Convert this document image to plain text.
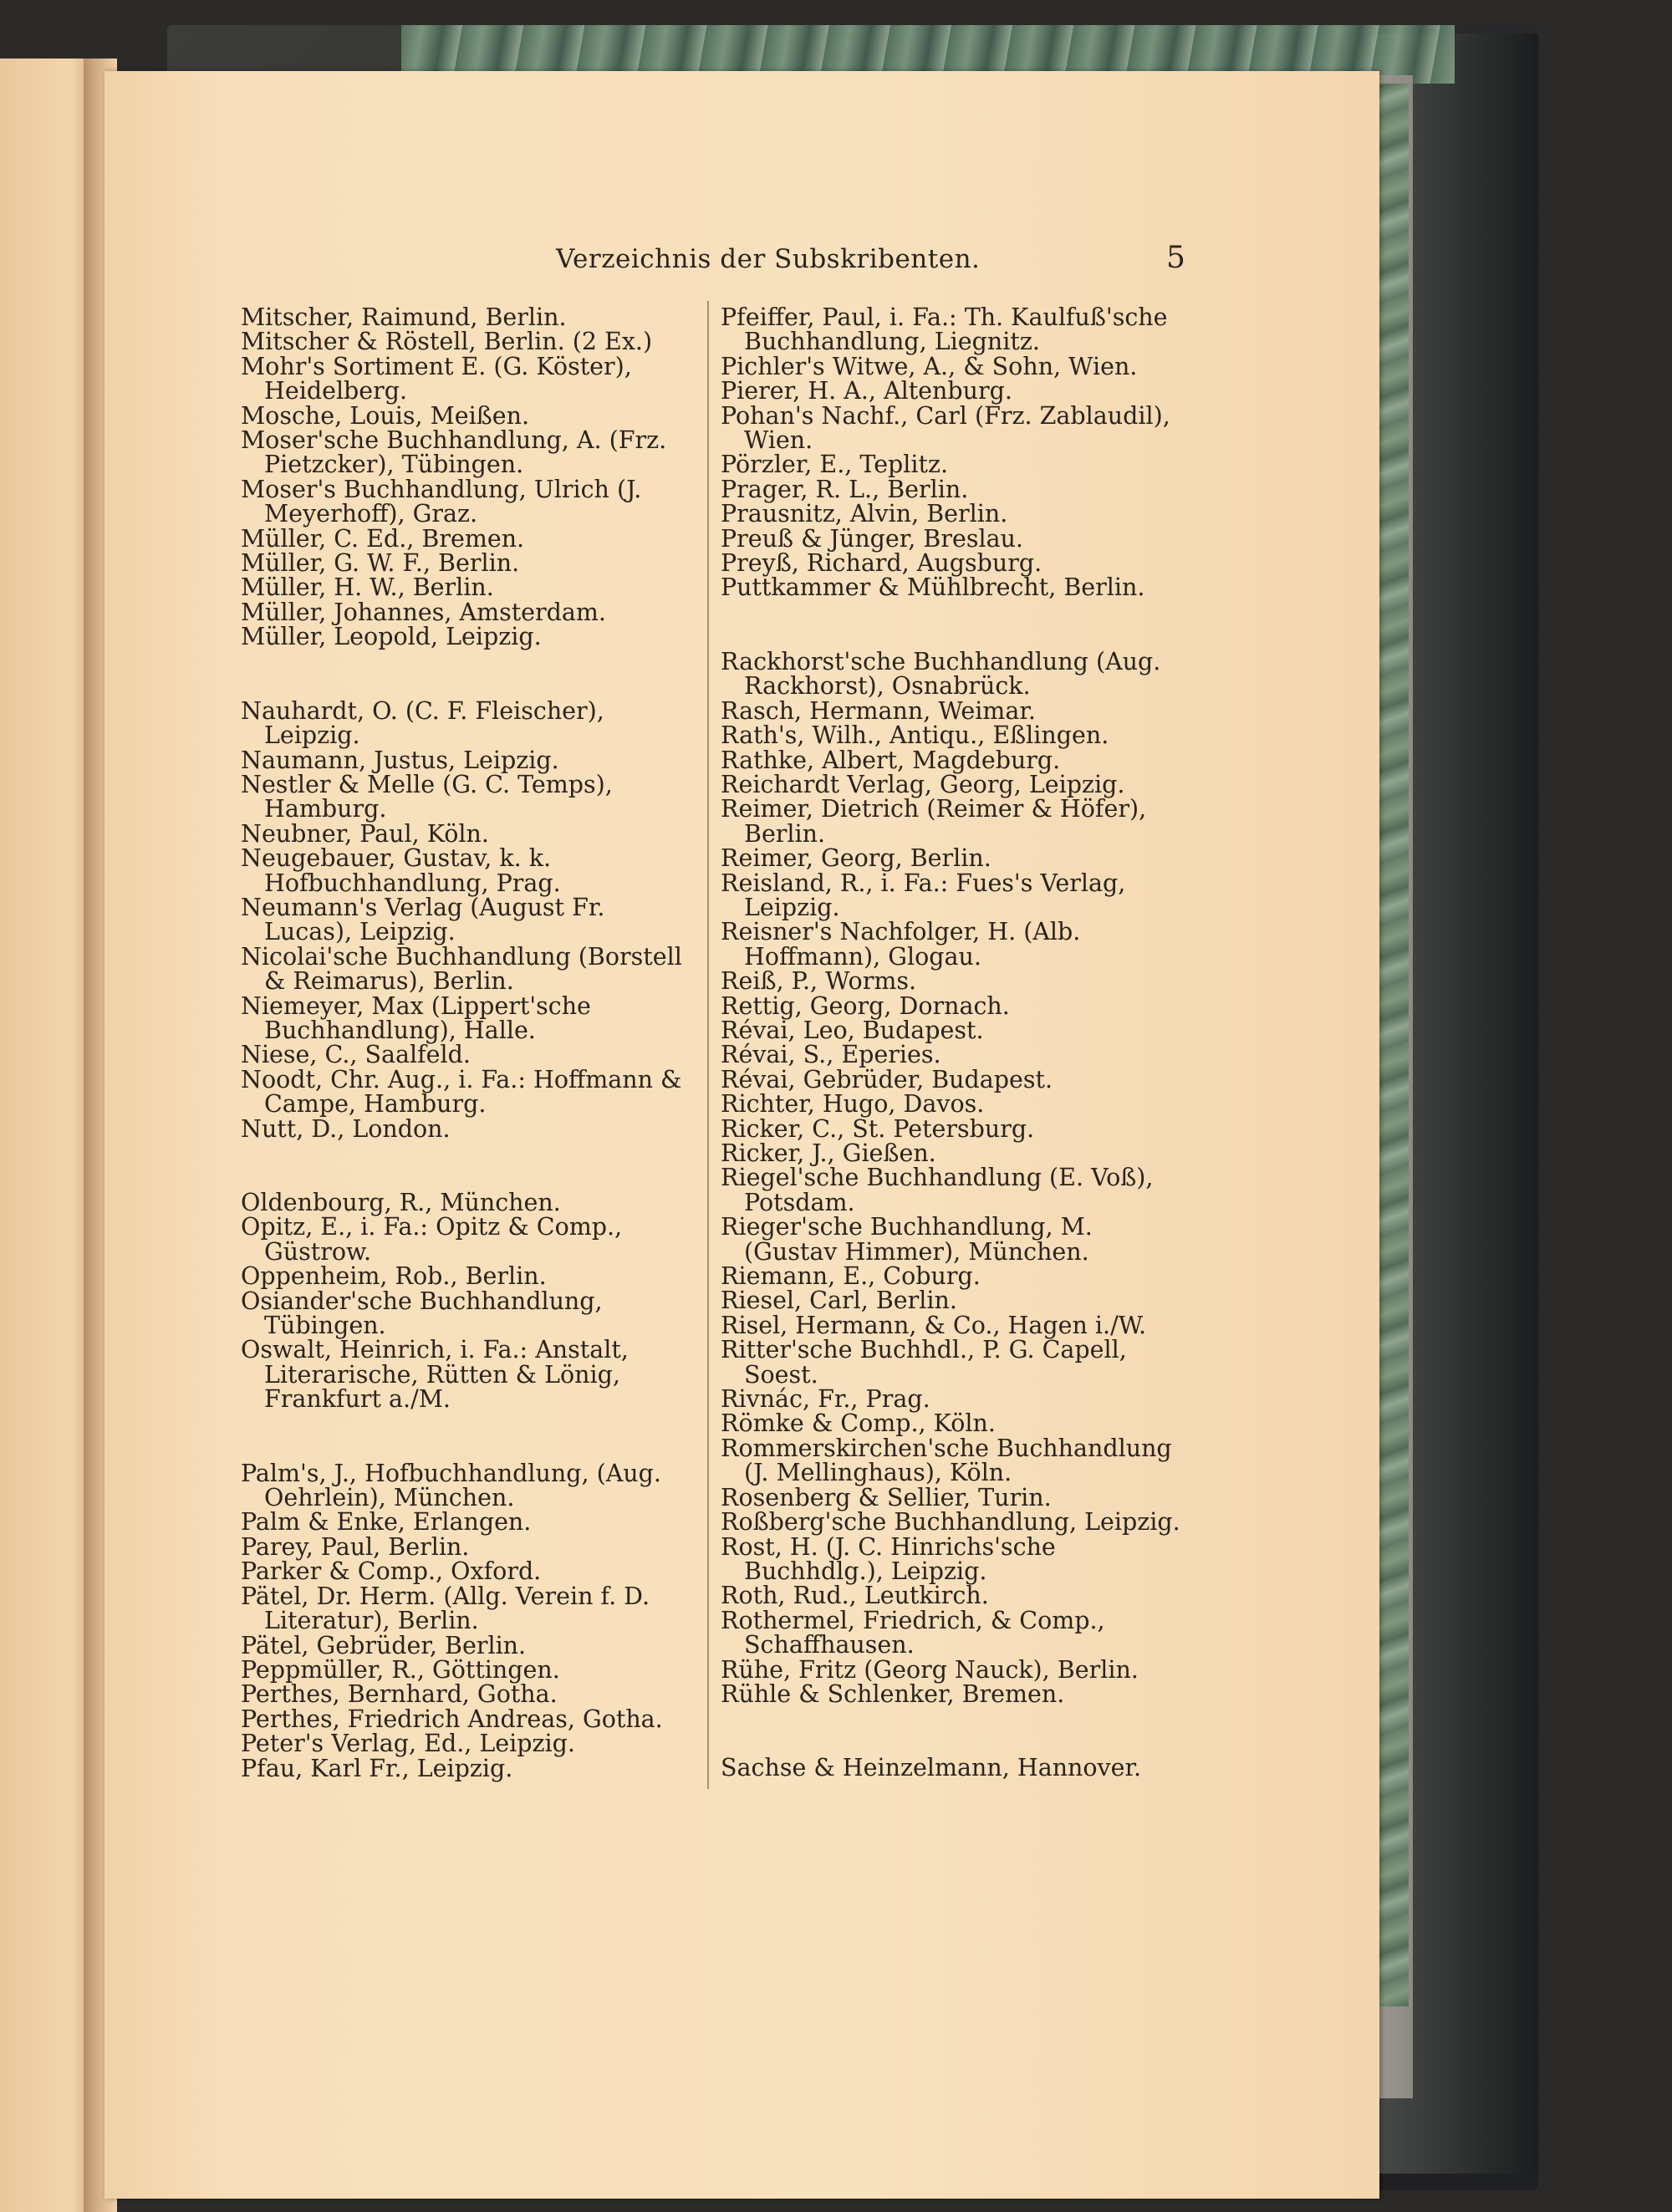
Verzeichnis der Subskribenten.	5

Mitscher, Raimund, Berlin.

Mitscher & Röstell, Berlin. (2 Ex.)

Mohr's Sortiment E. (G. Köster), Heidelberg.

Mosche, Louis, Meißen.

Moser'sche Buchhandlung, A. (Frz. Pietzcker), Tübingen.

Moser's Buchhandlung, Ulrich (J. Meyerhoff), Graz.

Müller, C. Ed., Bremen.

Müller, G. W. F., Berlin.

Müller, H. W., Berlin.

Müller, Johannes, Amsterdam.

Müller, Leopold, Leipzig.

Nauhardt, O. (C. F. Fleischer), Leipzig.

Naumann, Justus, Leipzig.

Nestler & Melle (G. C. Temps), Hamburg.

Neubner, Paul, Köln.

Neugebauer, Gustav, k. k. Hofbuchhandlung, Prag.

Neumann's Verlag (August Fr. Lucas), Leipzig.

Nicolai'sche Buchhandlung (Borstell & Reimarus), Berlin.

Niemeyer, Max (Lippert'sche Buchhandlung), Halle.

Niese, C., Saalfeld.

Noodt, Chr. Aug., i. Fa.: Hoffmann & Campe, Hamburg.

Nutt, D., London.

Oldenbourg, R., München.

Opitz, E., i. Fa.: Opitz & Comp., Güstrow.

Oppenheim, Rob., Berlin.

Osiander'sche Buchhandlung, Tübingen.

Oswalt, Heinrich, i. Fa.: Anstalt, Literarische, Rütten & Lönig, Frankfurt a./M.

Palm's, J., Hofbuchhandlung, (Aug. Oehrlein), München.

Palm & Enke, Erlangen.

Parey, Paul, Berlin.

Parker & Comp., Oxford.

Pätel, Dr. Herm. (Allg. Verein f. D. Literatur), Berlin.

Pätel, Gebrüder, Berlin.

Peppmüller, R., Göttingen.

Perthes, Bernhard, Gotha.

Perthes, Friedrich Andreas, Gotha.

Peter's Verlag, Ed., Leipzig.

Pfau, Karl Fr., Leipzig.

Pfeiffer, Paul, i. Fa.: Th. Kaulfuß'sche Buchhandlung, Liegnitz.

Pichler's Witwe, A., & Sohn, Wien.

Pierer, H. A., Altenburg.

Pohan's Nachf., Carl (Frz. Zablaudil), Wien.

Pörzler, E., Teplitz.

Prager, R. L., Berlin.

Prausnitz, Alvin, Berlin.

Preuß & Jünger, Breslau.

Preyß, Richard, Augsburg.

Puttkammer & Mühlbrecht, Berlin.

Rackhorst'sche Buchhandlung (Aug. Rackhorst), Osnabrück.

Rasch, Hermann, Weimar.

Rath's, Wilh., Antiqu., Eßlingen.

Rathke, Albert, Magdeburg.

Reichardt Verlag, Georg, Leipzig.

Reimer, Dietrich (Reimer & Höfer), Berlin.

Reimer, Georg, Berlin.

Reisland, R., i. Fa.: Fues's Verlag, Leipzig.

Reisner's Nachfolger, H. (Alb. Hoffmann), Glogau.

Reiß, P., Worms.

Rettig, Georg, Dornach.

Révai, Leo, Budapest.

Révai, S., Eperies.

Révai, Gebrüder, Budapest.

Richter, Hugo, Davos.

Ricker, C., St. Petersburg.

Ricker, J., Gießen.

Riegel'sche Buchhandlung (E. Voß), Potsdam.

Rieger'sche Buchhandlung, M. (Gustav Himmer), München.

Riemann, E., Coburg.

Riesel, Carl, Berlin.

Risel, Hermann, & Co., Hagen i./W.

Ritter'sche Buchhdl., P. G. Capell, Soest.

Rivnác, Fr., Prag.

Römke & Comp., Köln.

Rommerskirchen'sche Buchhandlung (J. Mellinghaus), Köln.

Rosenberg & Sellier, Turin.

Roßberg'sche Buchhandlung, Leipzig.

Rost, H. (J. C. Hinrichs'sche Buchhdlg.), Leipzig.

Roth, Rud., Leutkirch.

Rothermel, Friedrich, & Comp., Schaffhausen.

Rühe, Fritz (Georg Nauck), Berlin.

Rühle & Schlenker, Bremen.

Sachse & Heinzelmann, Hannover.
